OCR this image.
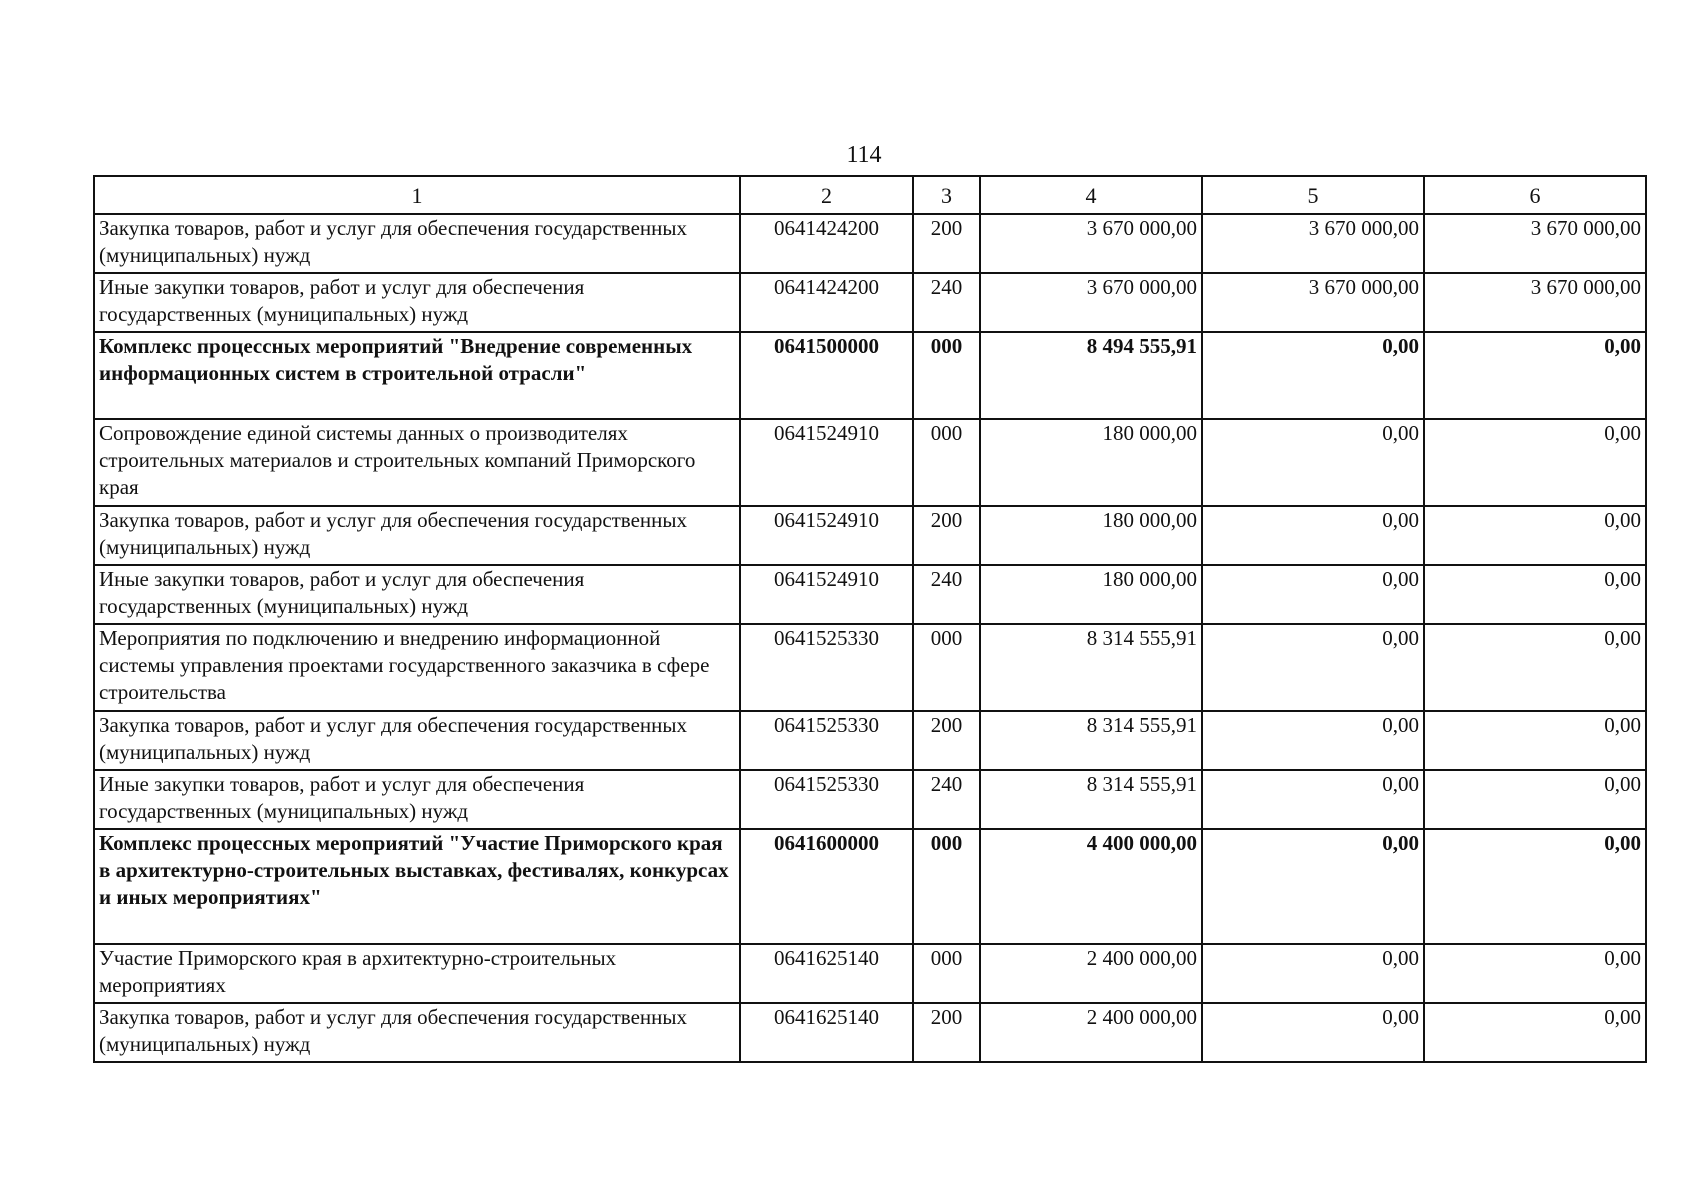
114
1	2	3	4	5	6
Закупка товаров, работ и услуг для обеспечения государственных (муниципальных) нужд	0641424200	200	3 670 000,00	3 670 000,00	3 670 000,00
Иные закупки товаров, работ и услуг для обеспечения государственных (муниципальных) нужд	0641424200	240	3 670 000,00	3 670 000,00	3 670 000,00
Комплекс процессных мероприятий "Внедрение современных информационных систем в строительной отрасли"	0641500000	000	8 494 555,91	0,00	0,00
Сопровождение единой системы данных о производителях строительных материалов и строительных компаний Приморского края	0641524910	000	180 000,00	0,00	0,00
Закупка товаров, работ и услуг для обеспечения государственных (муниципальных) нужд	0641524910	200	180 000,00	0,00	0,00
Иные закупки товаров, работ и услуг для обеспечения государственных (муниципальных) нужд	0641524910	240	180 000,00	0,00	0,00
Мероприятия по подключению и внедрению информационной системы управления проектами государственного заказчика в сфере строительства	0641525330	000	8 314 555,91	0,00	0,00
Закупка товаров, работ и услуг для обеспечения государственных (муниципальных) нужд	0641525330	200	8 314 555,91	0,00	0,00
Иные закупки товаров, работ и услуг для обеспечения государственных (муниципальных) нужд	0641525330	240	8 314 555,91	0,00	0,00
Комплекс процессных мероприятий "Участие Приморского края в архитектурно-строительных выставках, фестивалях, конкурсах и иных мероприятиях"	0641600000	000	4 400 000,00	0,00	0,00
Участие Приморского края в архитектурно-строительных мероприятиях	0641625140	000	2 400 000,00	0,00	0,00
Закупка товаров, работ и услуг для обеспечения государственных (муниципальных) нужд	0641625140	200	2 400 000,00	0,00	0,00
